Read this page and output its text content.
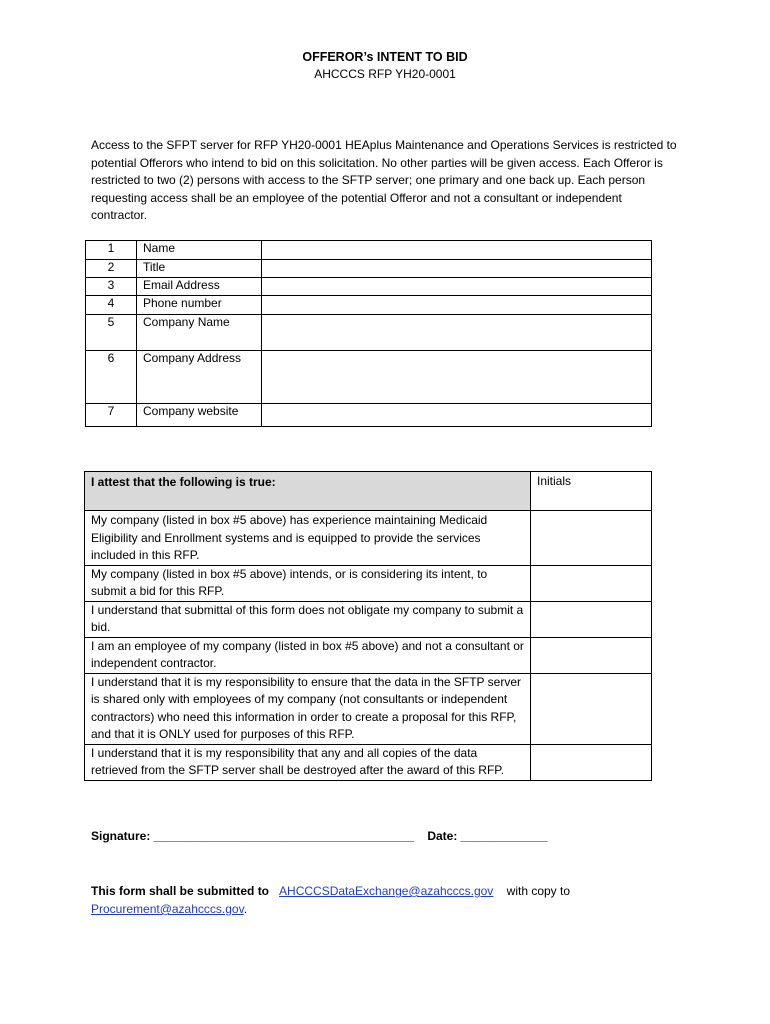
OFFEROR’s INTENT TO BID
AHCCCS RFP YH20-0001
Access to the SFPT server for RFP YH20-0001 HEAplus Maintenance and Operations Services is restricted to potential Offerors who intend to bid on this solicitation. No other parties will be given access. Each Offeror is restricted to two (2) persons with access to the SFTP server; one primary and one back up. Each person requesting access shall be an employee of the potential Offeror and not a consultant or independent contractor.
1	Name	
2	Title	
3	Email Address	
4	Phone number	
5	Company Name	
6	Company Address	
7	Company website	
I attest that the following is true:	Initials
My company (listed in box #5 above) has experience maintaining Medicaid Eligibility and Enrollment systems and is equipped to provide the services included in this RFP.	
My company (listed in box #5 above) intends, or is considering its intent, to submit a bid for this RFP.	
I understand that submittal of this form does not obligate my company to submit a bid.	
I am an employee of my company (listed in box #5 above) and not a consultant or independent contractor.	
I understand that it is my responsibility to ensure that the data in the SFTP server is shared only with employees of my company (not consultants or independent contractors) who need this information in order to create a proposal for this RFP, and that it is ONLY used for purposes of this RFP.	
I understand that it is my responsibility that any and all copies of the data retrieved from the SFTP server shall be destroyed after the award of this RFP.	
Signature: _______________________________________ Date: _____________
This form shall be submitted to AHCCCSDataExchange@azahcccs.gov with copy to
Procurement@azahcccs.gov.
